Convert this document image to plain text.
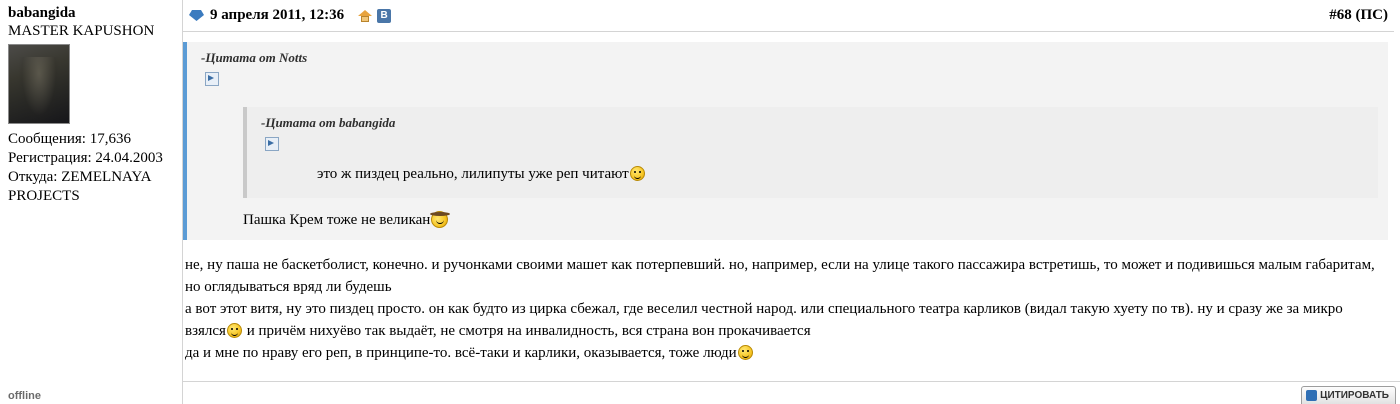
babangida
MASTER KAPUSHON
Сообщения: 17,636
Регистрация: 24.04.2003
Откуда: ZEMELNAYA PROJECTS
offline
9 апреля 2011, 12:36	B	#68 (ПС)
-Цитата от Notts
-Цитата от babangida
это ж пиздец реально, лилипуты уже реп читают
Пашка Крем тоже не великан

не, ну паша не баскетболист, конечно. и ручонками своими машет как потерпевший. но, например, если на улице такого пассажира встретишь, то может и подивишься малым габаритам, но оглядываться вряд ли будешь

а вот этот витя, ну это пиздец просто. он как будто из цирка сбежал, где веселил честной народ. или специального театра карликов (видал такую хуету по тв). ну и сразу же за микро взялся и причём нихуёво так выдаёт, не смотря на инвалидность, вся страна вон прокачивается

да и мне по нраву его реп, в принципе-то. всё-таки и карлики, оказывается, тоже люди

ЦИТИРОВАТЬ
